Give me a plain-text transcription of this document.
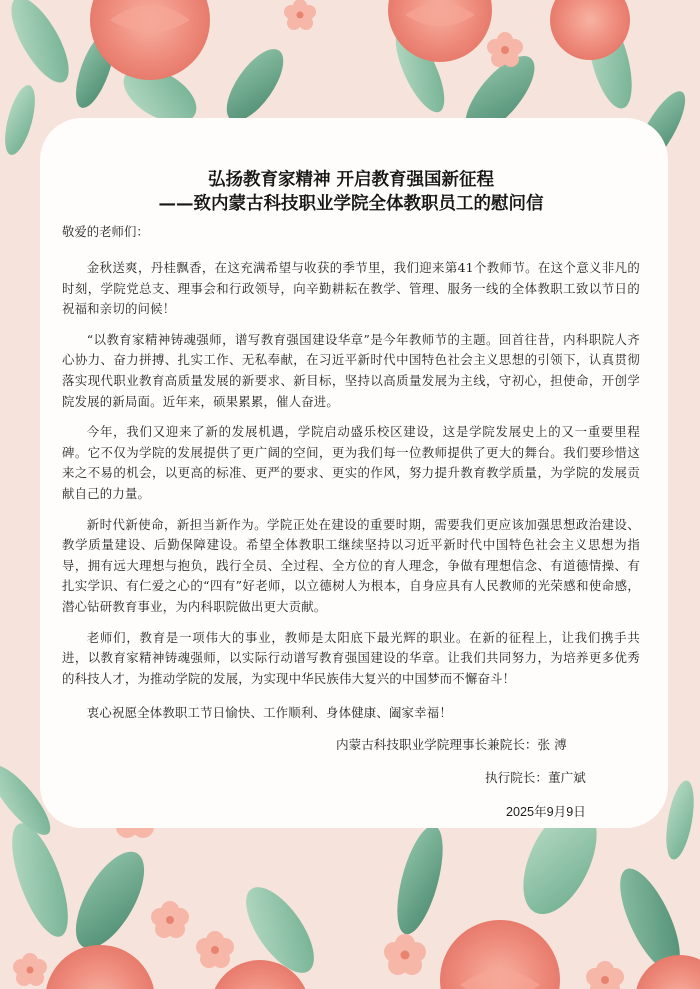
弘扬教育家精神 开启教育强国新征程
——致内蒙古科技职业学院全体教职员工的慰问信

敬爱的老师们：

金秋送爽，丹桂飘香，在这充满希望与收获的季节里，我们迎来第41个教师节。在这个意义非凡的时刻，学院党总支、理事会和行政领导，向辛勤耕耘在教学、管理、服务一线的全体教职工致以节日的祝福和亲切的问候！

“以教育家精神铸魂强师，谱写教育强国建设华章”是今年教师节的主题。回首往昔，内科职院人齐心协力、奋力拼搏、扎实工作、无私奉献，在习近平新时代中国特色社会主义思想的引领下，认真贯彻落实现代职业教育高质量发展的新要求、新目标，坚持以高质量发展为主线，守初心，担使命，开创学院发展的新局面。近年来，硕果累累，催人奋进。

今年，我们又迎来了新的发展机遇，学院启动盛乐校区建设，这是学院发展史上的又一重要里程碑。它不仅为学院的发展提供了更广阔的空间，更为我们每一位教师提供了更大的舞台。我们要珍惜这来之不易的机会，以更高的标准、更严的要求、更实的作风，努力提升教育教学质量，为学院的发展贡献自己的力量。

新时代新使命，新担当新作为。学院正处在建设的重要时期，需要我们更应该加强思想政治建设、教学质量建设、后勤保障建设。希望全体教职工继续坚持以习近平新时代中国特色社会主义思想为指导，拥有远大理想与抱负，践行全员、全过程、全方位的育人理念，争做有理想信念、有道德情操、有扎实学识、有仁爱之心的“四有”好老师，以立德树人为根本，自身应具有人民教师的光荣感和使命感，潜心钻研教育事业，为内科职院做出更大贡献。

老师们，教育是一项伟大的事业，教师是太阳底下最光辉的职业。在新的征程上，让我们携手共进，以教育家精神铸魂强师，以实际行动谱写教育强国建设的华章。让我们共同努力，为培养更多优秀的科技人才，为推动学院的发展，为实现中华民族伟大复兴的中国梦而不懈奋斗！

衷心祝愿全体教职工节日愉快、工作顺利、身体健康、阖家幸福！

内蒙古科技职业学院理事长兼院长：张 溥
执行院长：董广斌
2025年9月9日
